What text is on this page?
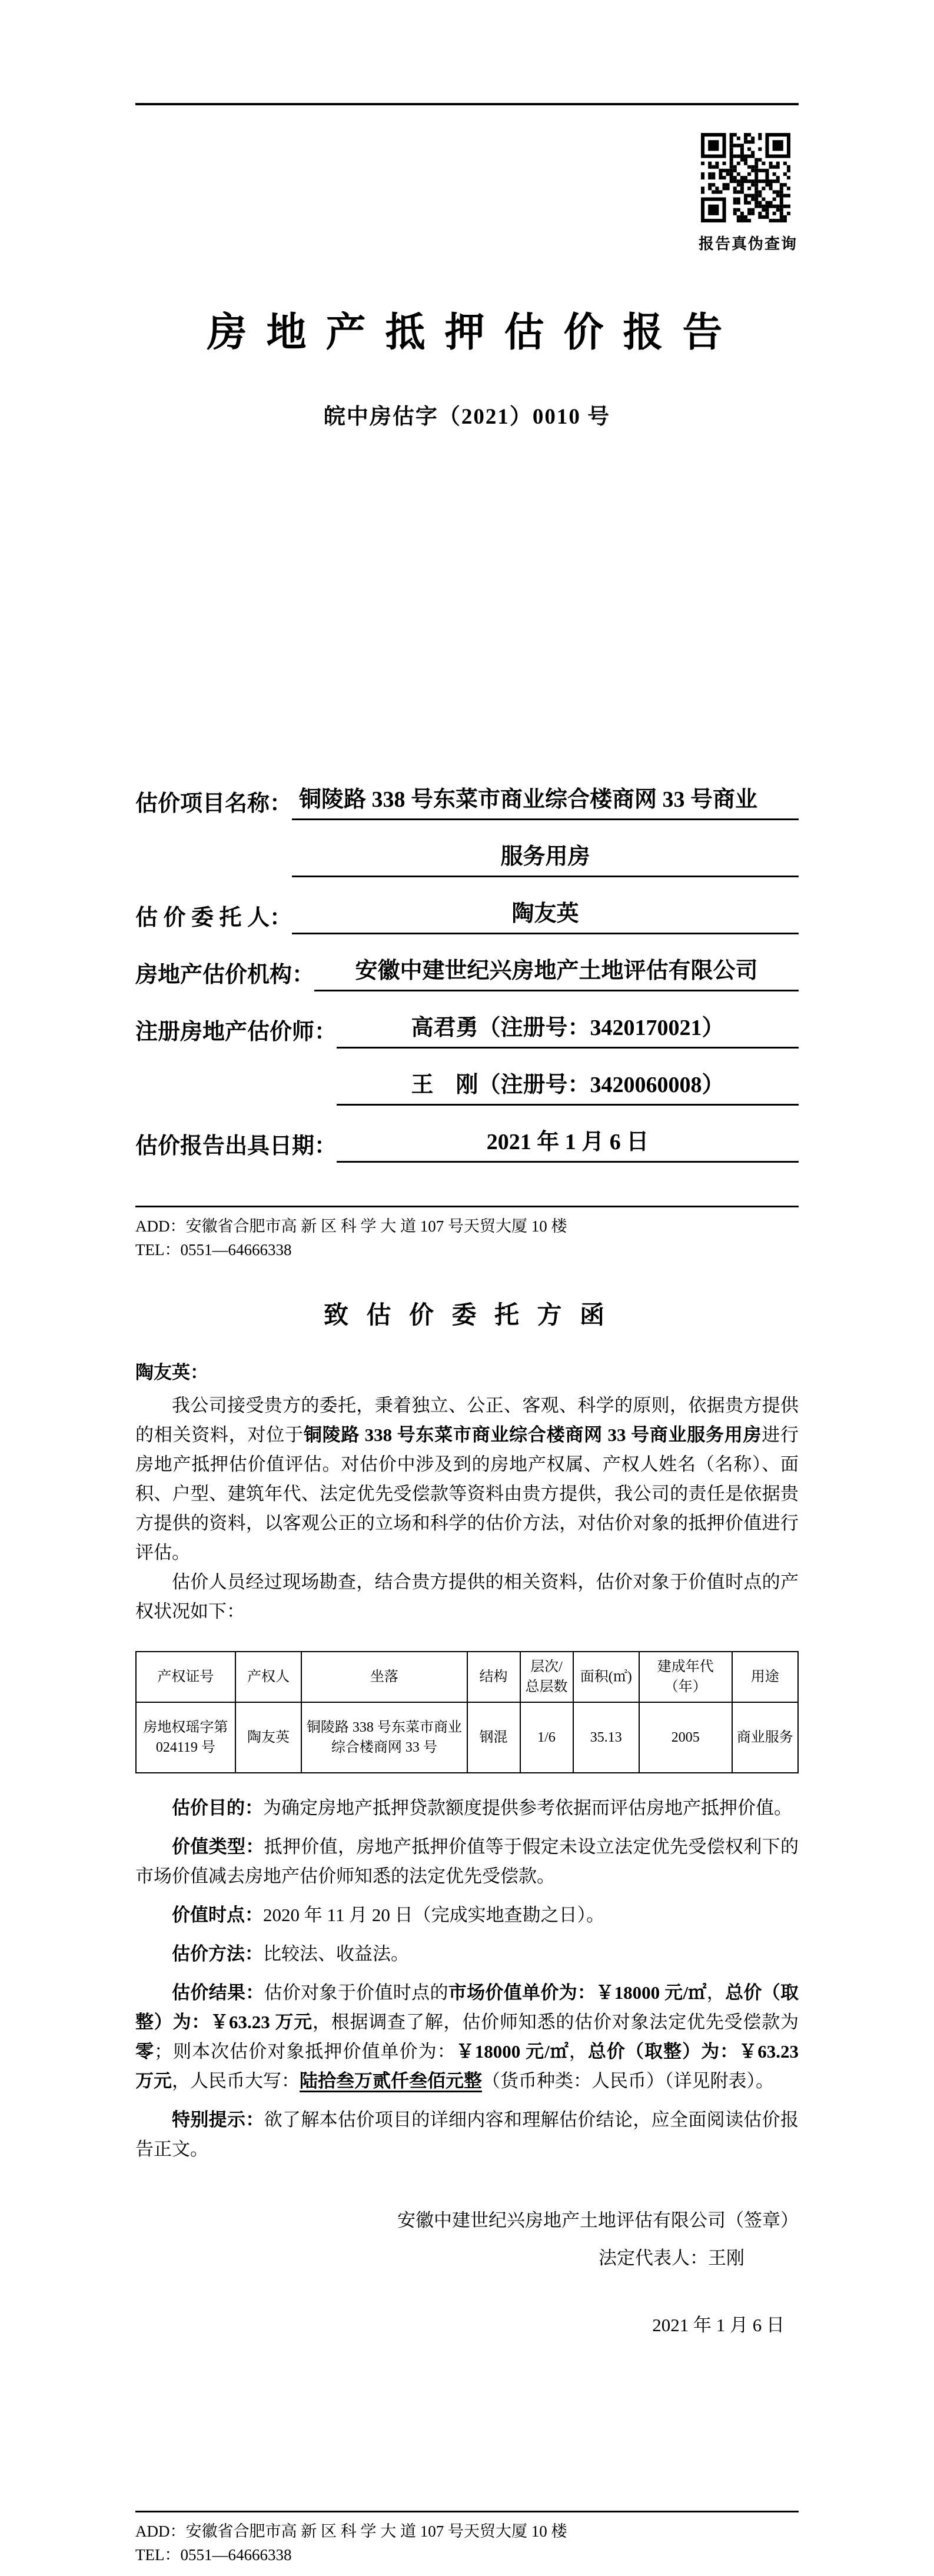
报告真伪查询
房 地 产 抵 押 估 价 报 告
皖中房估字（2021）0010 号
估价项目名称： 铜陵路 338 号东菜市商业综合楼商网 33 号商业
服务用房
估 价 委 托 人：	陶友英
房地产估价机构：	安徽中建世纪兴房地产土地评估有限公司
注册房地产估价师：	高君勇（注册号：3420170021）
王　刚（注册号：3420060008）
估价报告出具日期：	2021 年 1 月 6 日
ADD：安徽省合肥市高 新 区 科 学 大 道 107 号天贸大厦 10 楼
TEL：0551—64666338
致 估 价 委 托 方 函
陶友英：
我公司接受贵方的委托，秉着独立、公正、客观、科学的原则，依据贵方提供的相关资料，对位于铜陵路 338 号东菜市商业综合楼商网 33 号商业服务用房进行房地产抵押估价值评估。对估价中涉及到的房地产权属、产权人姓名（名称）、面积、户型、建筑年代、法定优先受偿款等资料由贵方提供，我公司的责任是依据贵方提供的资料，以客观公正的立场和科学的估价方法，对估价对象的抵押价值进行评估。
估价人员经过现场勘查，结合贵方提供的相关资料，估价对象于价值时点的产权状况如下：
产权证号	产权人	坐落	结构	层次/总层数	面积(㎡)	建成年代（年）	用途
房地权瑶字第 024119 号	陶友英	铜陵路 338 号东菜市商业综合楼商网 33 号	钢混	1/6	35.13	2005	商业服务
估价目的：为确定房地产抵押贷款额度提供参考依据而评估房地产抵押价值。
价值类型：抵押价值，房地产抵押价值等于假定未设立法定优先受偿权利下的市场价值减去房地产估价师知悉的法定优先受偿款。
价值时点：2020 年 11 月 20 日（完成实地查勘之日）。
估价方法：比较法、收益法。
估价结果：估价对象于价值时点的市场价值单价为：￥18000 元/㎡，总价（取整）为：￥63.23 万元，根据调查了解，估价师知悉的估价对象法定优先受偿款为零；则本次估价对象抵押价值单价为：￥18000 元/㎡，总价（取整）为：￥63.23 万元，人民币大写：陆拾叁万贰仟叁佰元整（货币种类：人民币）（详见附表）。
特别提示：欲了解本估价项目的详细内容和理解估价结论，应全面阅读估价报告正文。
安徽中建世纪兴房地产土地评估有限公司（签章）
法定代表人：王刚
2021 年 1 月 6 日
ADD：安徽省合肥市高 新 区 科 学 大 道 107 号天贸大厦 10 楼
TEL：0551—64666338
